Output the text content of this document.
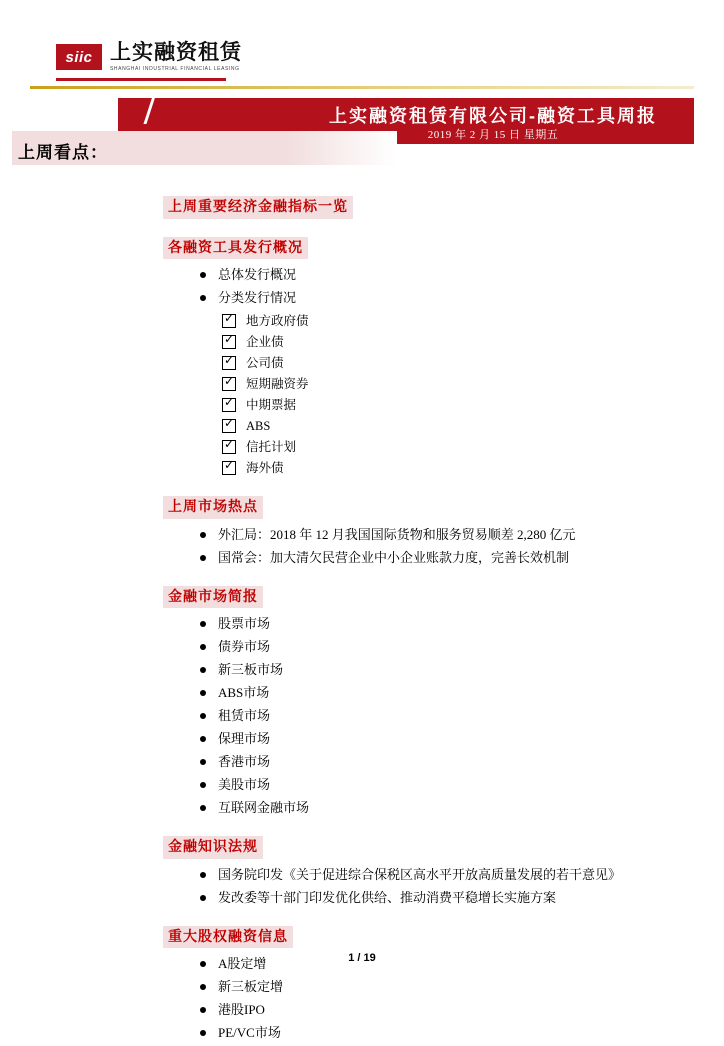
siic 上实融资租赁
SHANGHAI INDUSTRIAL FINANCIAL LEASING
上实融资租赁有限公司-融资工具周报
2019 年 2 月 15 日 星期五
上周看点：
上周重要经济金融指标一览
各融资工具发行概况
总体发行概况
分类发行情况
✓
地方政府债
✓
企业债
✓
公司债
✓
短期融资券
✓
中期票据
✓
ABS
✓
信托计划
✓
海外债
上周市场热点
外汇局：2018 年 12 月我国国际货物和服务贸易顺差 2,280 亿元
国常会：加大清欠民营企业中小企业账款力度，完善长效机制
金融市场简报
股票市场
债券市场
新三板市场
ABS市场
租赁市场
保理市场
香港市场
美股市场
互联网金融市场
金融知识法规
国务院印发《关于促进综合保税区高水平开放高质量发展的若干意见》
发改委等十部门印发优化供给、推动消费平稳增长实施方案
重大股权融资信息
A股定增
新三板定增
港股IPO
PE/VC市场
1 / 19
